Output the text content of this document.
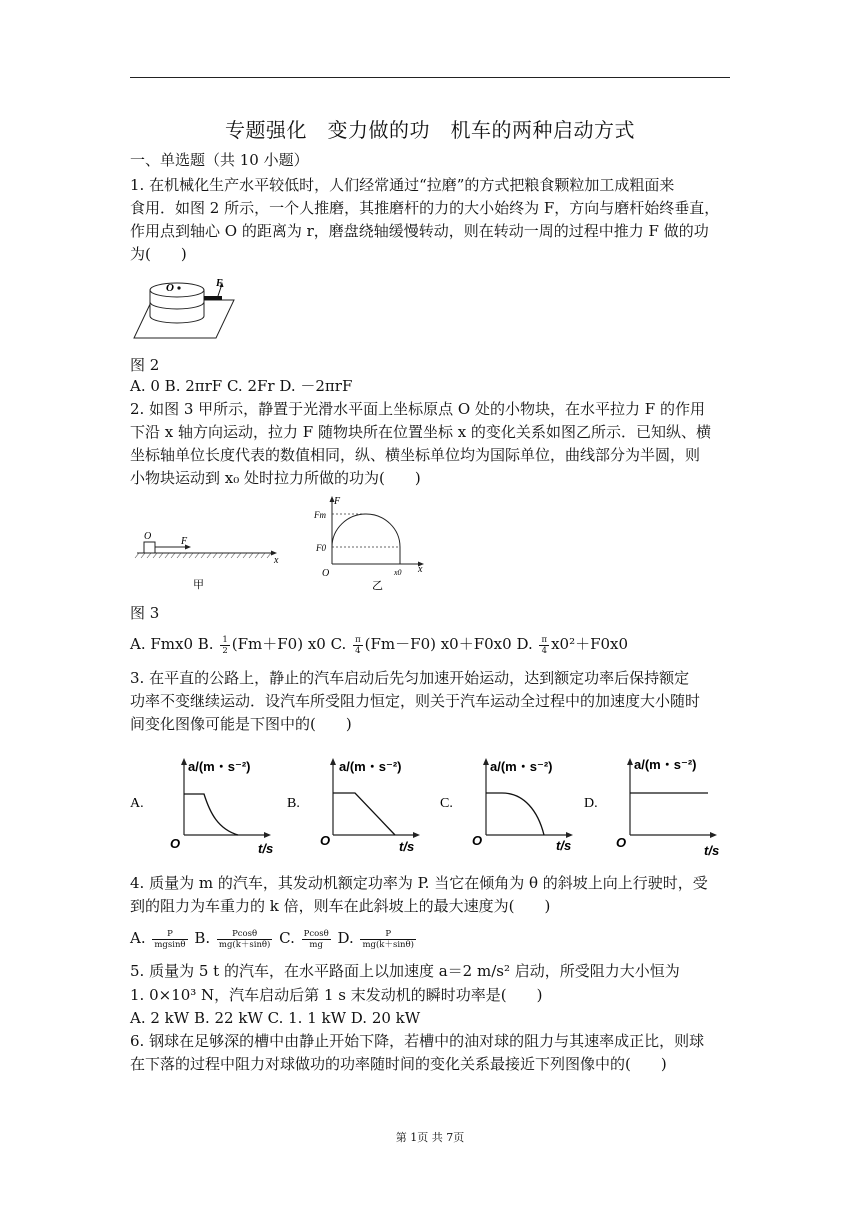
专题强化　变力做的功　机车的两种启动方式
一、单选题（共 10 小题）
1. 在机械化生产水平较低时，人们经常通过“拉磨”的方式把粮食颗粒加工成粗面来
食用．如图 2 所示，一个人推磨，其推磨杆的力的大小始终为 F，方向与磨杆始终垂直，
作用点到轴心 O 的距离为 r，磨盘绕轴缓慢转动，则在转动一周的过程中推力 F 做的功
为(　　)
O	F
图 2
A. 0 B. 2πrF C. 2Fr D. －2πrF
2. 如图 3 甲所示，静置于光滑水平面上坐标原点 O 处的小物块，在水平拉力 F 的作用
下沿 x 轴方向运动，拉力 F 随物块所在位置坐标 x 的变化关系如图乙所示．已知纵、横
坐标轴单位长度代表的数值相同，纵、横坐标单位均为国际单位，曲线部分为半圆，则
小物块运动到 x₀ 处时拉力所做的功为(　　)
O	F
x
甲
F
Fm
F0
O	x0 x
乙
图 3
A. Fmx0 B. $\frac{1}{2} (Fm+F0)$ x0 C. $\frac{\pi}{4} (Fm-F0)$ x0＋F0x0 D. $\frac{\pi}{4} x0^2+F0x0$
3. 在平直的公路上，静止的汽车启动后先匀加速开始运动，达到额定功率后保持额定
功率不变继续运动．设汽车所受阻力恒定，则关于汽车运动全过程中的加速度大小随时
间变化图像可能是下图中的(　　)
A.
a/(m・s⁻²)
O	t/s
B.
a/(m・s⁻²)
O	t/s
C.
a/(m・s⁻²)
O	t/s
D.
a/(m・s⁻²)
O
t/s
4. 质量为 m 的汽车，其发动机额定功率为 P. 当它在倾角为 θ 的斜坡上向上行驶时，受
到的阻力为车重力的 k 倍，则车在此斜坡上的最大速度为(　　)
A. $\frac{P}{mgsin\theta} B$. $\frac{Pcos\theta}{mg(k+\sin\theta)} C$. $\frac{Pcos\theta}{mg} D$. $\frac{P}{mg(k+\sin\theta)}$
5. 质量为 5 t 的汽车，在水平路面上以加速度 a＝2 m/s² 启动，所受阻力大小恒为
1. 0×10³ N，汽车启动后第 1 s 末发动机的瞬时功率是(　　)
A. 2 kW B. 22 kW C. 1. 1 kW D. 20 kW
6. 钢球在足够深的槽中由静止开始下降，若槽中的油对球的阻力与其速率成正比，则球
在下落的过程中阻力对球做功的功率随时间的变化关系最接近下列图像中的(　　)
第 1页 共 7页
